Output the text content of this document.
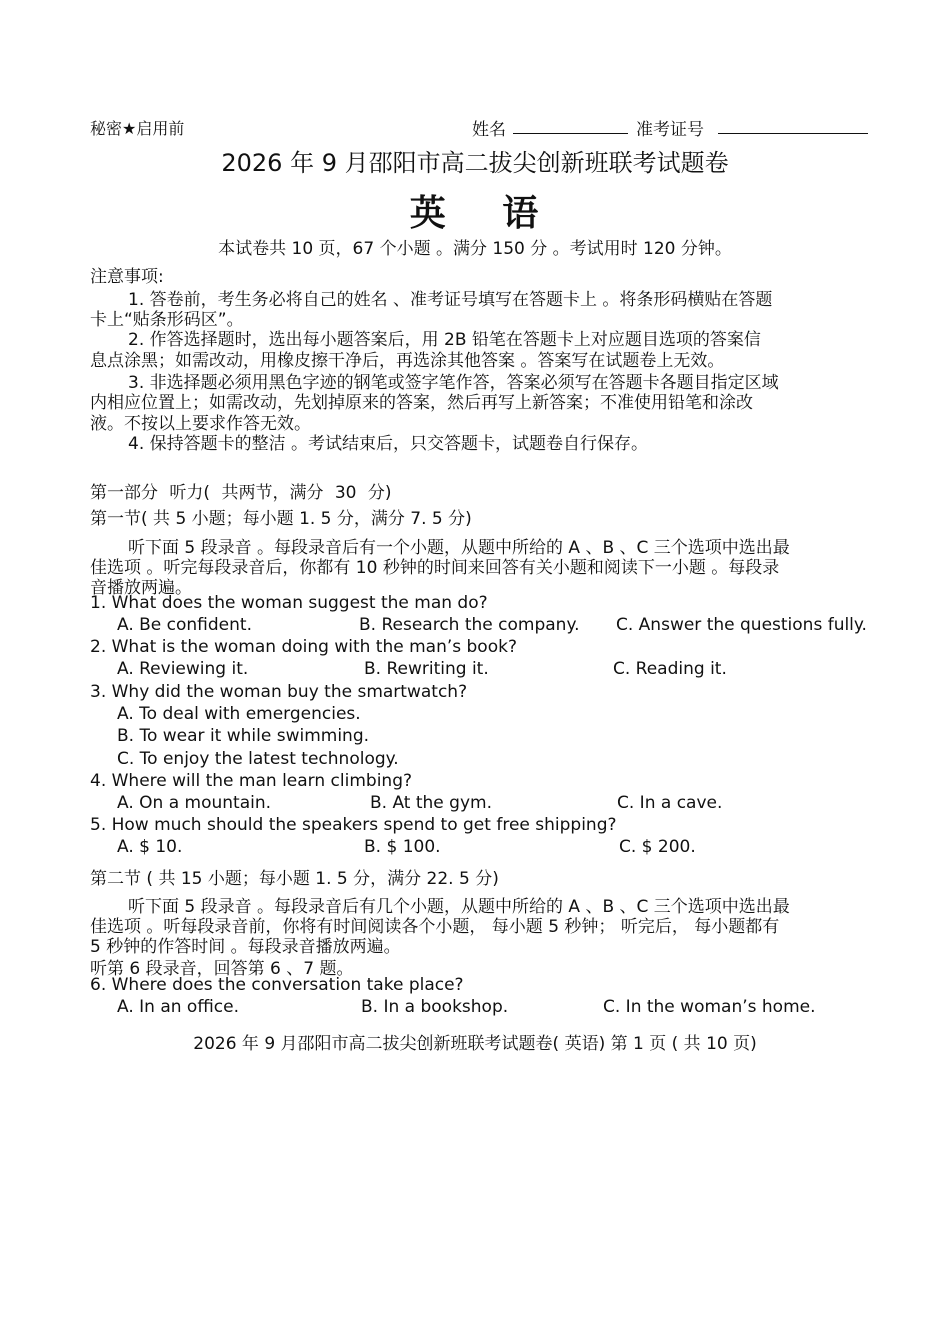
秘密★启用前	姓名	准考证号
2026 年 9 月邵阳市高二拔尖创新班联考试题卷
英 语
本试卷共 10 页，67 个小题 。满分 150 分 。考试用时 120 分钟。
注意事项:
1. 答卷前，考生务必将自己的姓名 、准考证号填写在答题卡上 。将条形码横贴在答题
卡上“贴条形码区”。
2. 作答选择题时，选出每小题答案后，用 2B 铅笔在答题卡上对应题目选项的答案信
息点涂黑；如需改动，用橡皮擦干净后，再选涂其他答案 。答案写在试题卷上无效。
3. 非选择题必须用黑色字迹的钢笔或签字笔作答，答案必须写在答题卡各题目指定区域
内相应位置上；如需改动，先划掉原来的答案，然后再写上新答案；不准使用铅笔和涂改
液。不按以上要求作答无效。
4. 保持答题卡的整洁 。考试结束后，只交答题卡，试题卷自行保存。
第一部分 听力( 共两节，满分 30 分)
第一节( 共 5 小题；每小题 1. 5 分，满分 7. 5 分)
听下面 5 段录音 。每段录音后有一个小题，从题中所给的 A 、B 、C 三个选项中选出最
佳选项 。听完每段录音后，你都有 10 秒钟的时间来回答有关小题和阅读下一小题 。每段录
音播放两遍。
1. What does the woman suggest the man do?
A. Be confident.	B. Research the company. C. Answer the questions fully.
2. What is the woman doing with the man’s book?
A. Reviewing it.	B. Rewriting it.	C. Reading it.
3. Why did the woman buy the smartwatch?
A. To deal with emergencies.
B. To wear it while swimming.
C. To enjoy the latest technology.
4. Where will the man learn climbing?
A. On a mountain.	B. At the gym.	C. In a cave.
5. How much should the speakers spend to get free shipping?
A. $ 10.	B. $ 100.	C. $ 200.
第二节 ( 共 15 小题；每小题 1. 5 分，满分 22. 5 分)
听下面 5 段录音 。每段录音后有几个小题，从题中所给的 A 、B 、C 三个选项中选出最
佳选项 。听每段录音前，你将有时间阅读各个小题， 每小题 5 秒钟； 听完后， 每小题都有
5 秒钟的作答时间 。每段录音播放两遍。
听第 6 段录音，回答第 6 、7 题。
6. Where does the conversation take place?
A. In an office.	B. In a bookshop.	C. In the woman’s home.
2026 年 9 月邵阳市高二拔尖创新班联考试题卷( 英语) 第 1 页 ( 共 10 页)
